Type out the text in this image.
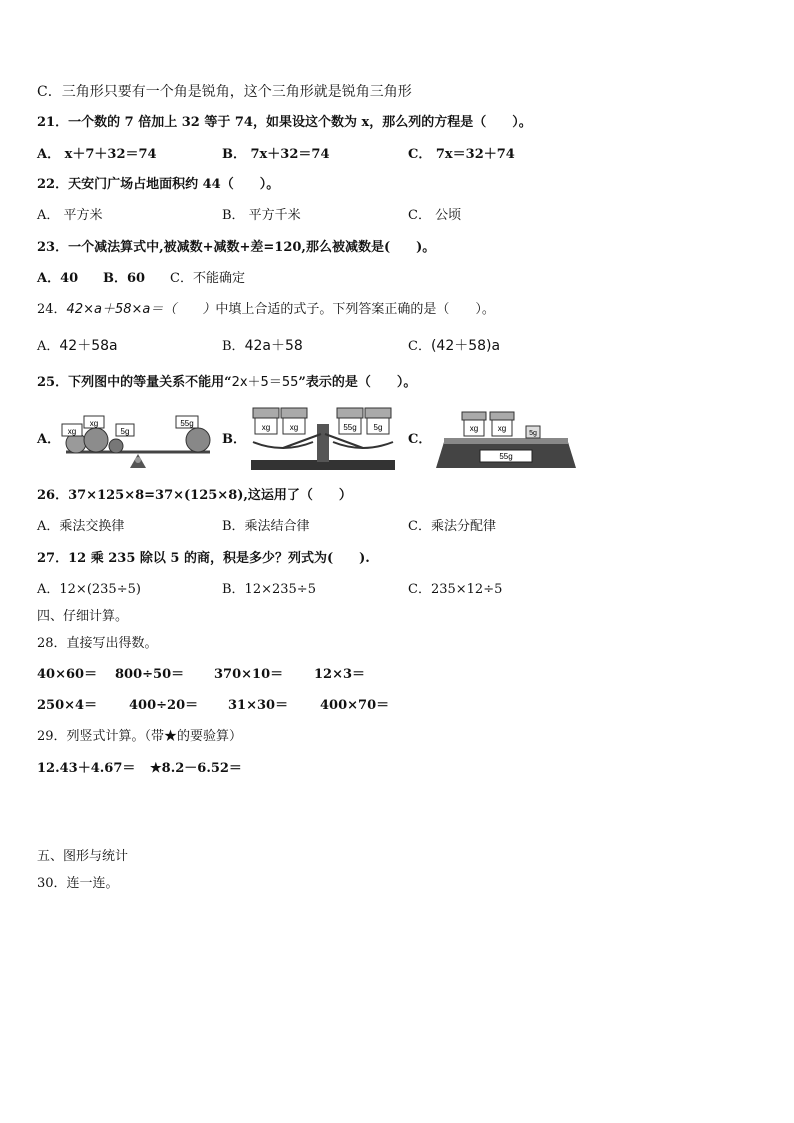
C．三角形只要有一个角是锐角，这个三角形就是锐角三角形
21．一个数的 7 倍加上 32 等于 74，如果设这个数为 x，那么列的方程是（　　）。
A． x＋7＋32＝74	B． 7x＋32＝74	C． 7x＝32＋74
22．天安门广场占地面积约 44（　　）。
A． 平方米	B． 平方千米	C． 公顷
23．一个减法算式中,被减数+减数+差=120,那么被减数是(　　)。
A．40 B．60 C．不能确定
24．42×a＋58×a＝（　　）中填上合适的式子。下列答案正确的是（　　）。
A．42＋58a	B．42a＋58	C．(42＋58)a
25．下列图中的等量关系不能用“2x＋5＝55”表示的是（　　）。
A．
xg
xg
5g
55g
B．
xg xg	55g 5g
C．
55g
xg xg
5g
26．37×125×8=37×(125×8),这运用了（　　）
A．乘法交换律	B．乘法结合律	C．乘法分配律
27．12 乘 235 除以 5 的商，积是多少？列式为(　　).
A．12×(235÷5)	B．12×235÷5	C．235×12÷5
四、仔细计算。
28．直接写出得数。
40×60＝ 800÷50＝ 370×10＝ 12×3＝
250×4＝ 400÷20＝ 31×30＝ 400×70＝
29．列竖式计算。（带★的要验算）
12.43＋4.67＝ ★8.2－6.52＝
五、图形与统计
30．连一连。
